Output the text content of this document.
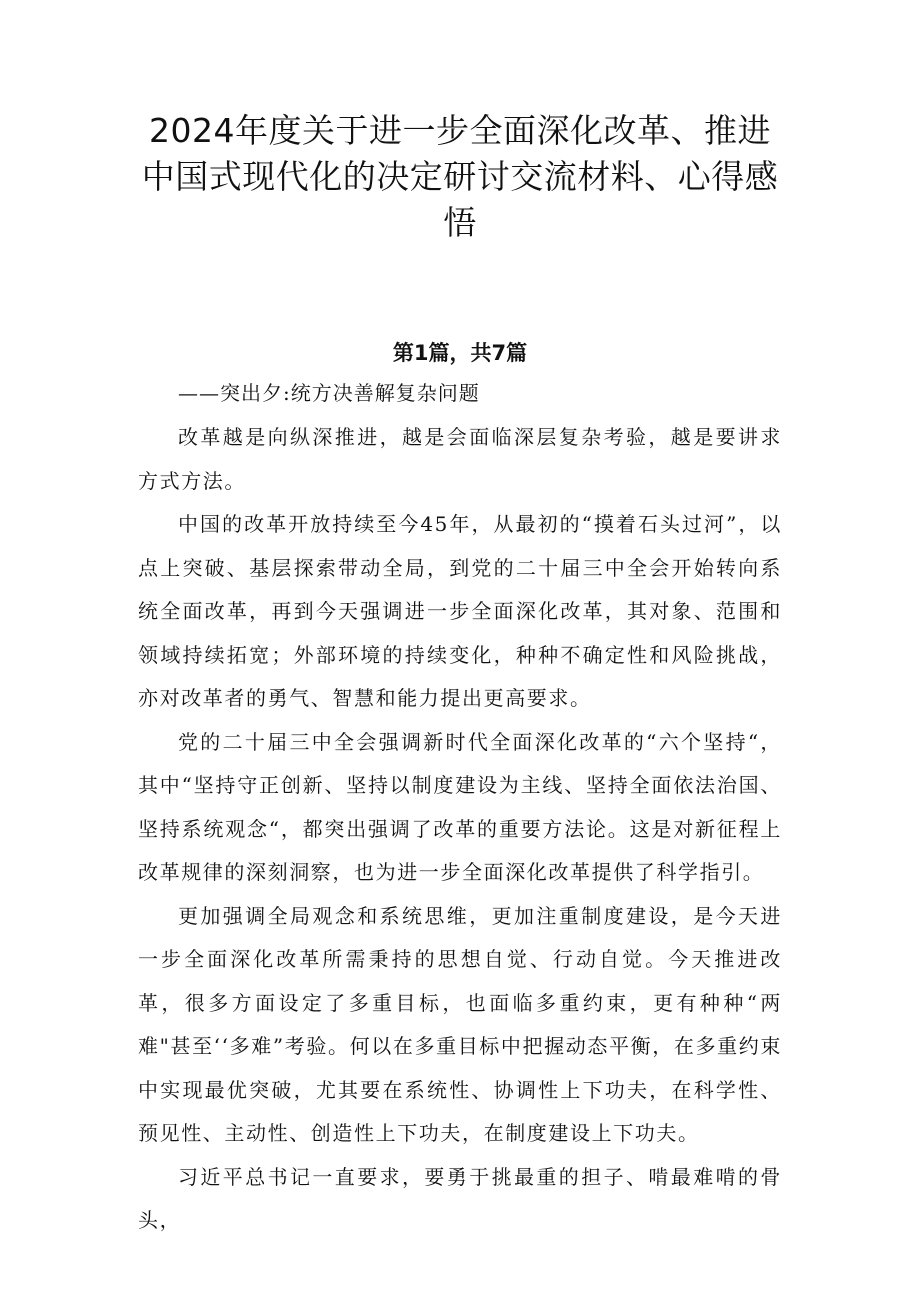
2024年度关于进一步全面深化改革、推进中国式现代化的决定研讨交流材料、心得感悟
第1篇，共7篇
——突出夕:统方决善解复杂问题

改革越是向纵深推进，越是会面临深层复杂考验，越是要讲求方式方法。

中国的改革开放持续至今45年，从最初的“摸着石头过河”，以点上突破、基层探索带动全局，到党的二十届三中全会开始转向系统全面改革，再到今天强调进一步全面深化改革，其对象、范围和领域持续拓宽；外部环境的持续变化，种种不确定性和风险挑战，亦对改革者的勇气、智慧和能力提出更高要求。

党的二十届三中全会强调新时代全面深化改革的“六个坚持“，其中“坚持守正创新、坚持以制度建设为主线、坚持全面依法治国、坚持系统观念“，都突出强调了改革的重要方法论。这是对新征程上改革规律的深刻洞察，也为进一步全面深化改革提供了科学指引。

更加强调全局观念和系统思维，更加注重制度建设，是今天进一步全面深化改革所需秉持的思想自觉、行动自觉。今天推进改革，很多方面设定了多重目标，也面临多重约束，更有种种“两难"甚至‘‘多难”考验。何以在多重目标中把握动态平衡，在多重约束中实现最优突破，尤其要在系统性、协调性上下功夫，在科学性、预见性、主动性、创造性上下功夫，在制度建设上下功夫。

习近平总书记一直要求，要勇于挑最重的担子、啃最难啃的骨头，
